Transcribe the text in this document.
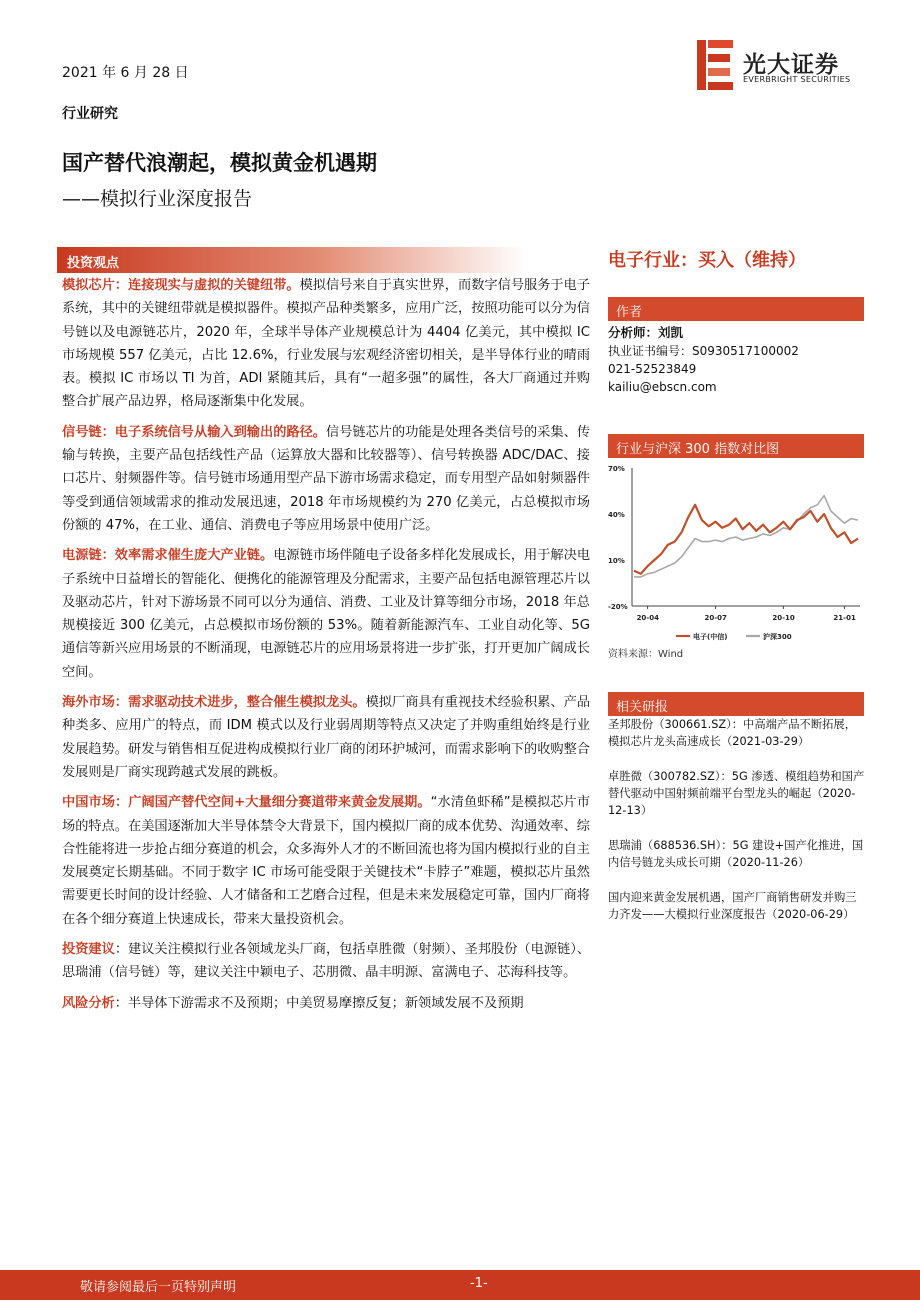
2021 年 6 月 28 日
行业研究
国产替代浪潮起，模拟黄金机遇期
——模拟行业深度报告
光大证券
EVERBRIGHT SECURITIES
投资观点

模拟芯片：连接现实与虚拟的关键纽带。模拟信号来自于真实世界，而数字信号服务于电子系统，其中的关键纽带就是模拟器件。模拟产品种类繁多，应用广泛，按照功能可以分为信号链以及电源链芯片，2020 年，全球半导体产业规模总计为 4404 亿美元，其中模拟 IC 市场规模 557 亿美元，占比 12.6%，行业发展与宏观经济密切相关，是半导体行业的晴雨表。模拟 IC 市场以 TI 为首，ADI 紧随其后，具有“一超多强”的属性，各大厂商通过并购整合扩展产品边界，格局逐渐集中化发展。

信号链：电子系统信号从输入到输出的路径。信号链芯片的功能是处理各类信号的采集、传输与转换，主要产品包括线性产品（运算放大器和比较器等）、信号转换器 ADC/DAC、接口芯片、射频器件等。信号链市场通用型产品下游市场需求稳定，而专用型产品如射频器件等受到通信领域需求的推动发展迅速，2018 年市场规模约为 270 亿美元，占总模拟市场份额的 47%，在工业、通信、消费电子等应用场景中使用广泛。

电源链：效率需求催生庞大产业链。电源链市场伴随电子设备多样化发展成长，用于解决电子系统中日益增长的智能化、便携化的能源管理及分配需求，主要产品包括电源管理芯片以及驱动芯片，针对下游场景不同可以分为通信、消费、工业及计算等细分市场，2018 年总规模接近 300 亿美元，占总模拟市场份额的 53%。随着新能源汽车、工业自动化等、5G 通信等新兴应用场景的不断涌现，电源链芯片的应用场景将进一步扩张，打开更加广阔成长空间。

海外市场：需求驱动技术进步，整合催生模拟龙头。模拟厂商具有重视技术经验积累、产品种类多、应用广的特点，而 IDM 模式以及行业弱周期等特点又决定了并购重组始终是行业发展趋势。研发与销售相互促进构成模拟行业厂商的闭环护城河，而需求影响下的收购整合发展则是厂商实现跨越式发展的跳板。

中国市场：广阔国产替代空间+大量细分赛道带来黄金发展期。“水清鱼虾稀”是模拟芯片市场的特点。在美国逐渐加大半导体禁令大背景下，国内模拟厂商的成本优势、沟通效率、综合性能将进一步抢占细分赛道的机会，众多海外人才的不断回流也将为国内模拟行业的自主发展奠定长期基础。不同于数字 IC 市场可能受限于关键技术“卡脖子”难题，模拟芯片虽然需要更长时间的设计经验、人才储备和工艺磨合过程，但是未来发展稳定可靠，国内厂商将在各个细分赛道上快速成长，带来大量投资机会。

投资建议：建议关注模拟行业各领域龙头厂商，包括卓胜微（射频）、圣邦股份（电源链）、思瑞浦（信号链）等，建议关注中颖电子、芯朋微、晶丰明源、富满电子、芯海科技等。

风险分析：半导体下游需求不及预期；中美贸易摩擦反复；新领域发展不及预期

电子行业：买入（维持）
作者
分析师：刘凯
执业证书编号：S0930517100002
021-52523849
kailiu@ebscn.com
行业与沪深 300 指数对比图
70%
40%
10%
-20%
20-04	20-07	20-10	21-01
电子(中信)	沪深300
资料来源：Wind
相关研报
圣邦股份（300661.SZ）：中高端产品不断拓展，模拟芯片龙头高速成长（2021-03-29）
卓胜微（300782.SZ）：5G 渗透、模组趋势和国产替代驱动中国射频前端平台型龙头的崛起（2020-12-13）
思瑞浦（688536.SH）：5G 建设+国产化推进，国内信号链龙头成长可期（2020-11-26）
国内迎来黄金发展机遇，国产厂商销售研发并购三力齐发——大模拟行业深度报告（2020-06-29）
敬请参阅最后一页特别声明	-1-
